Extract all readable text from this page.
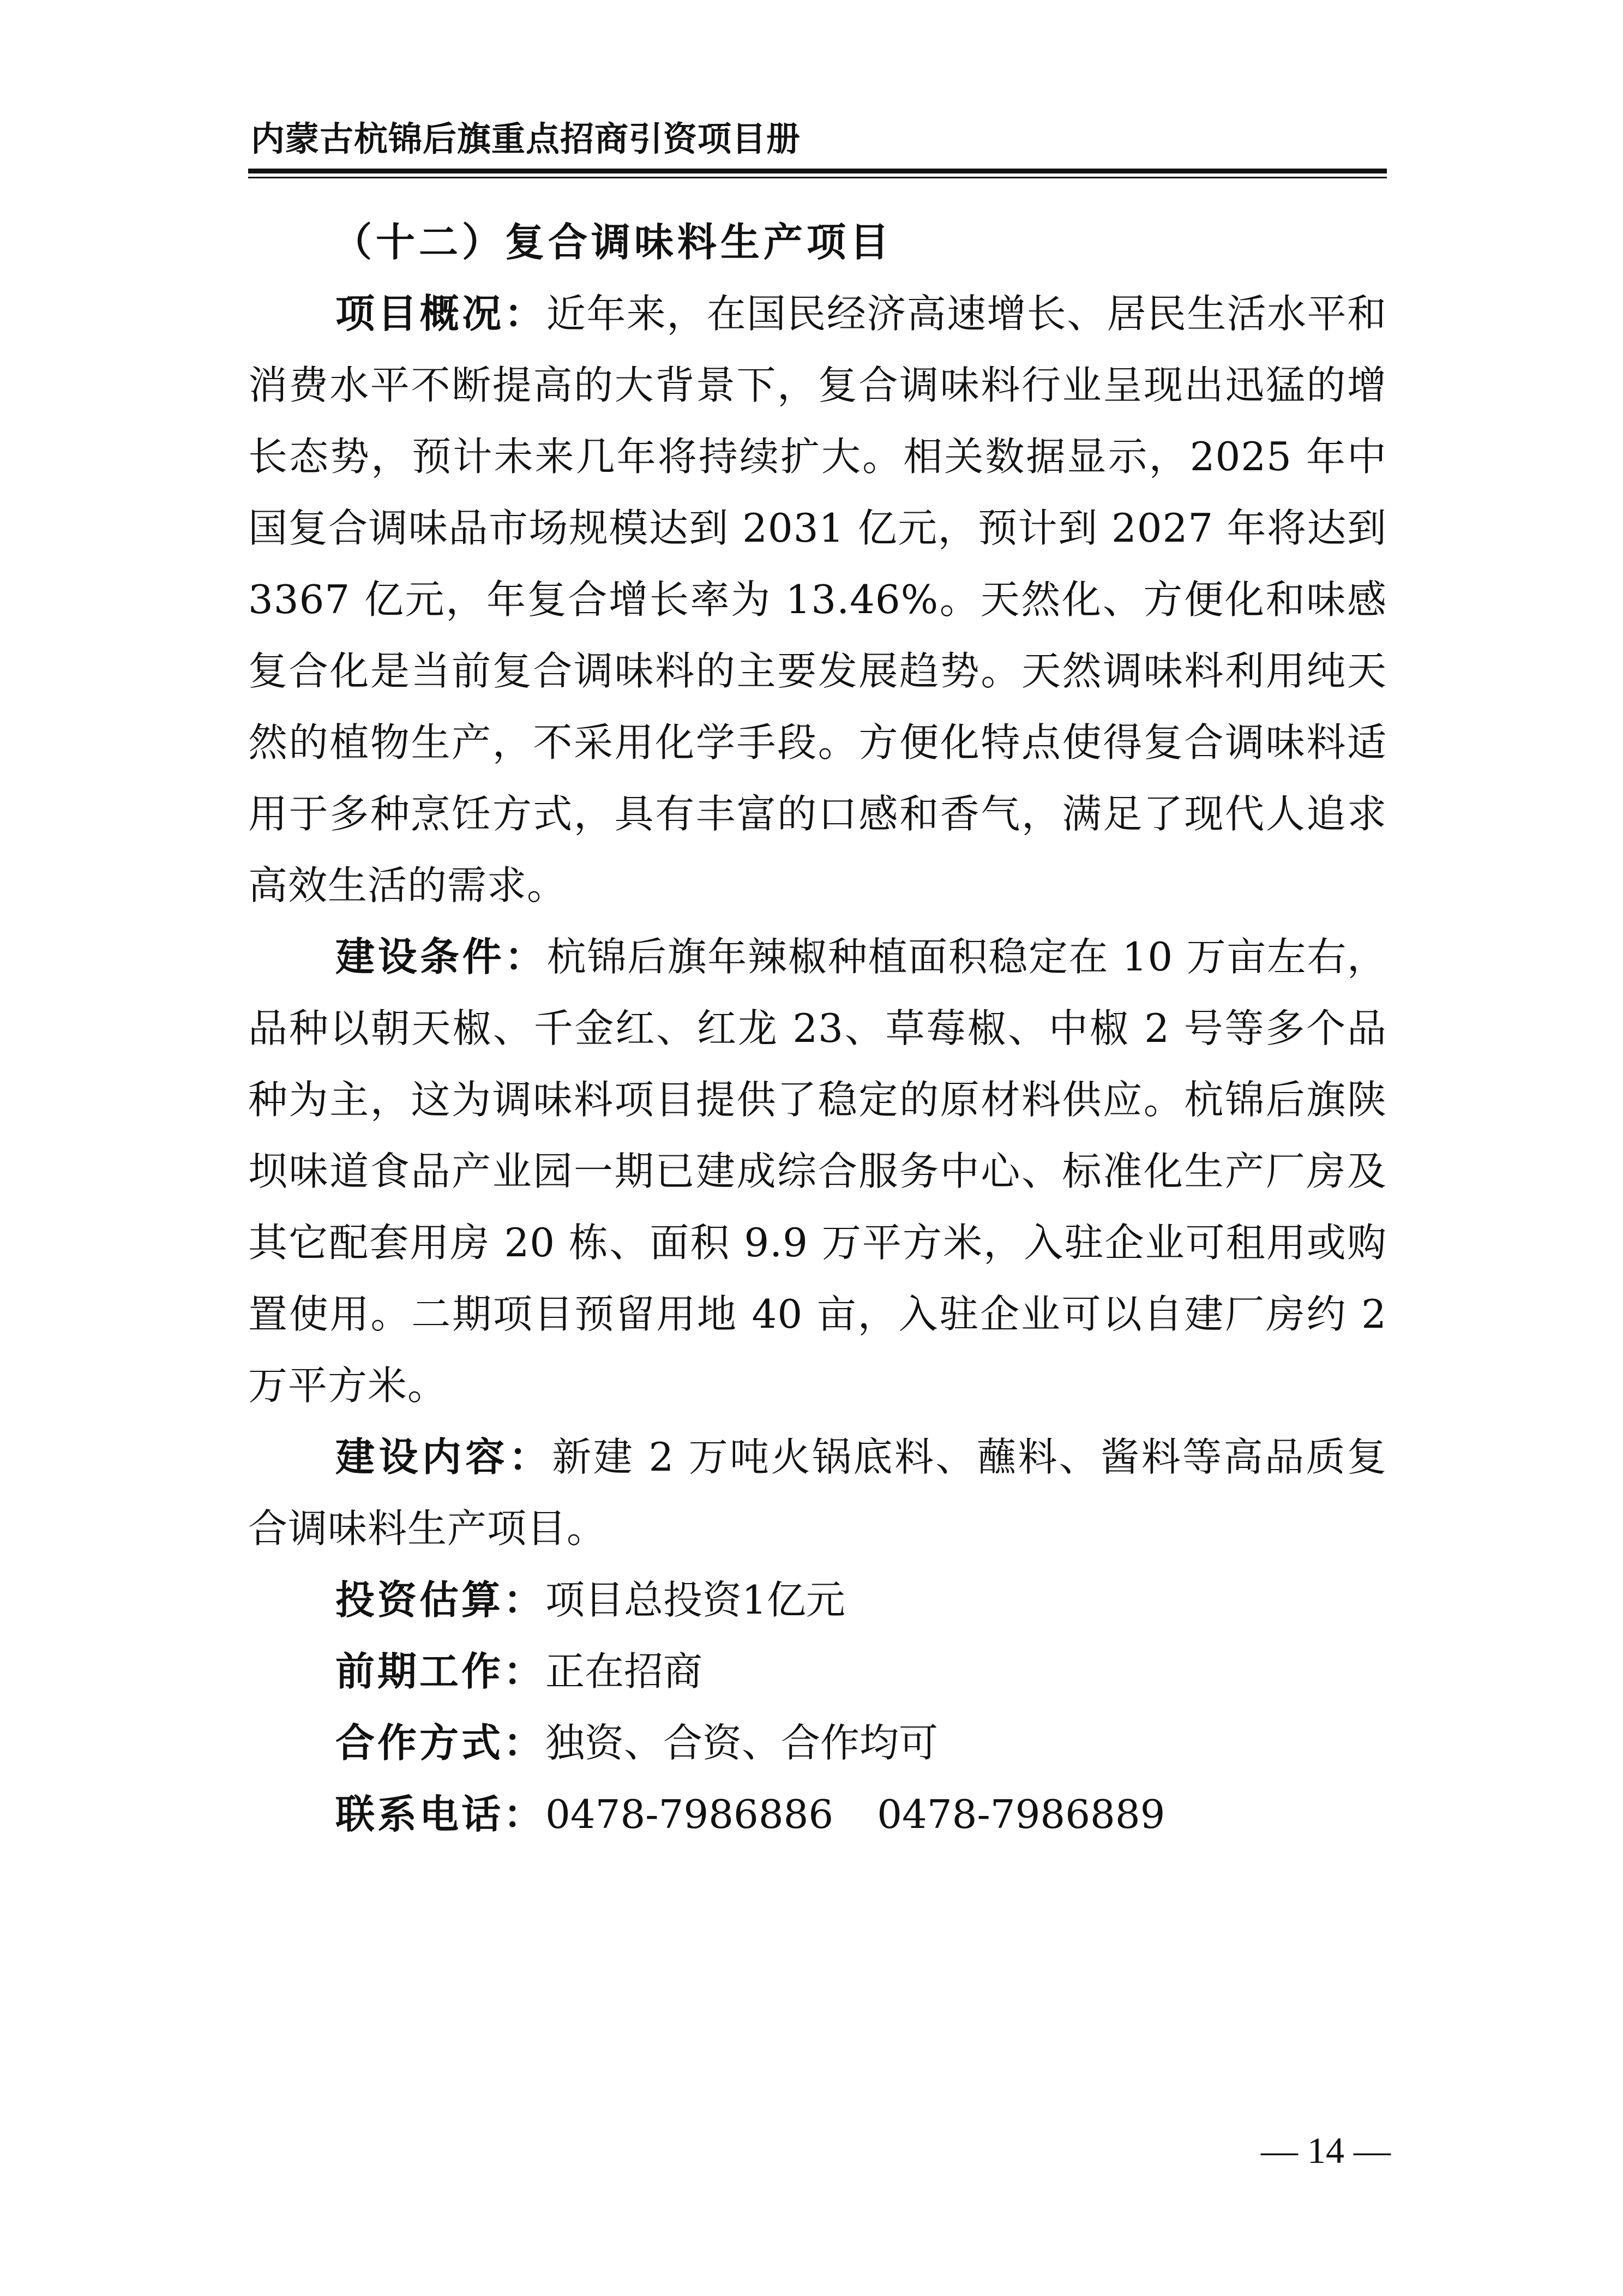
内蒙古杭锦后旗重点招商引资项目册
（十二）复合调味料生产项目

项目概况：近年来，在国民经济高速增长、居民生活水平和消费水平不断提高的大背景下，复合调味料行业呈现出迅猛的增长态势，预计未来几年将持续扩大。相关数据显示，2025 年中国复合调味品市场规模达到 2031 亿元，预计到 2027 年将达到 3367 亿元，年复合增长率为 13.46%。天然化、方便化和味感复合化是当前复合调味料的主要发展趋势。天然调味料利用纯天然的植物生产，不采用化学手段。方便化特点使得复合调味料适用于多种烹饪方式，具有丰富的口感和香气，满足了现代人追求高效生活的需求。

建设条件：杭锦后旗年辣椒种植面积稳定在 10 万亩左右，品种以朝天椒、千金红、红龙 23、草莓椒、中椒 2 号等多个品种为主，这为调味料项目提供了稳定的原材料供应。杭锦后旗陕坝味道食品产业园一期已建成综合服务中心、标准化生产厂房及其它配套用房 20 栋、面积 9.9 万平方米，入驻企业可租用或购置使用。二期项目预留用地 40 亩，入驻企业可以自建厂房约 2 万平方米。

建设内容：新建 2 万吨火锅底料、蘸料、酱料等高品质复合调味料生产项目。

投资估算：项目总投资1亿元

前期工作：正在招商

合作方式：独资、合资、合作均可

联系电话：0478-7986886 0478-7986889

— 14 —
